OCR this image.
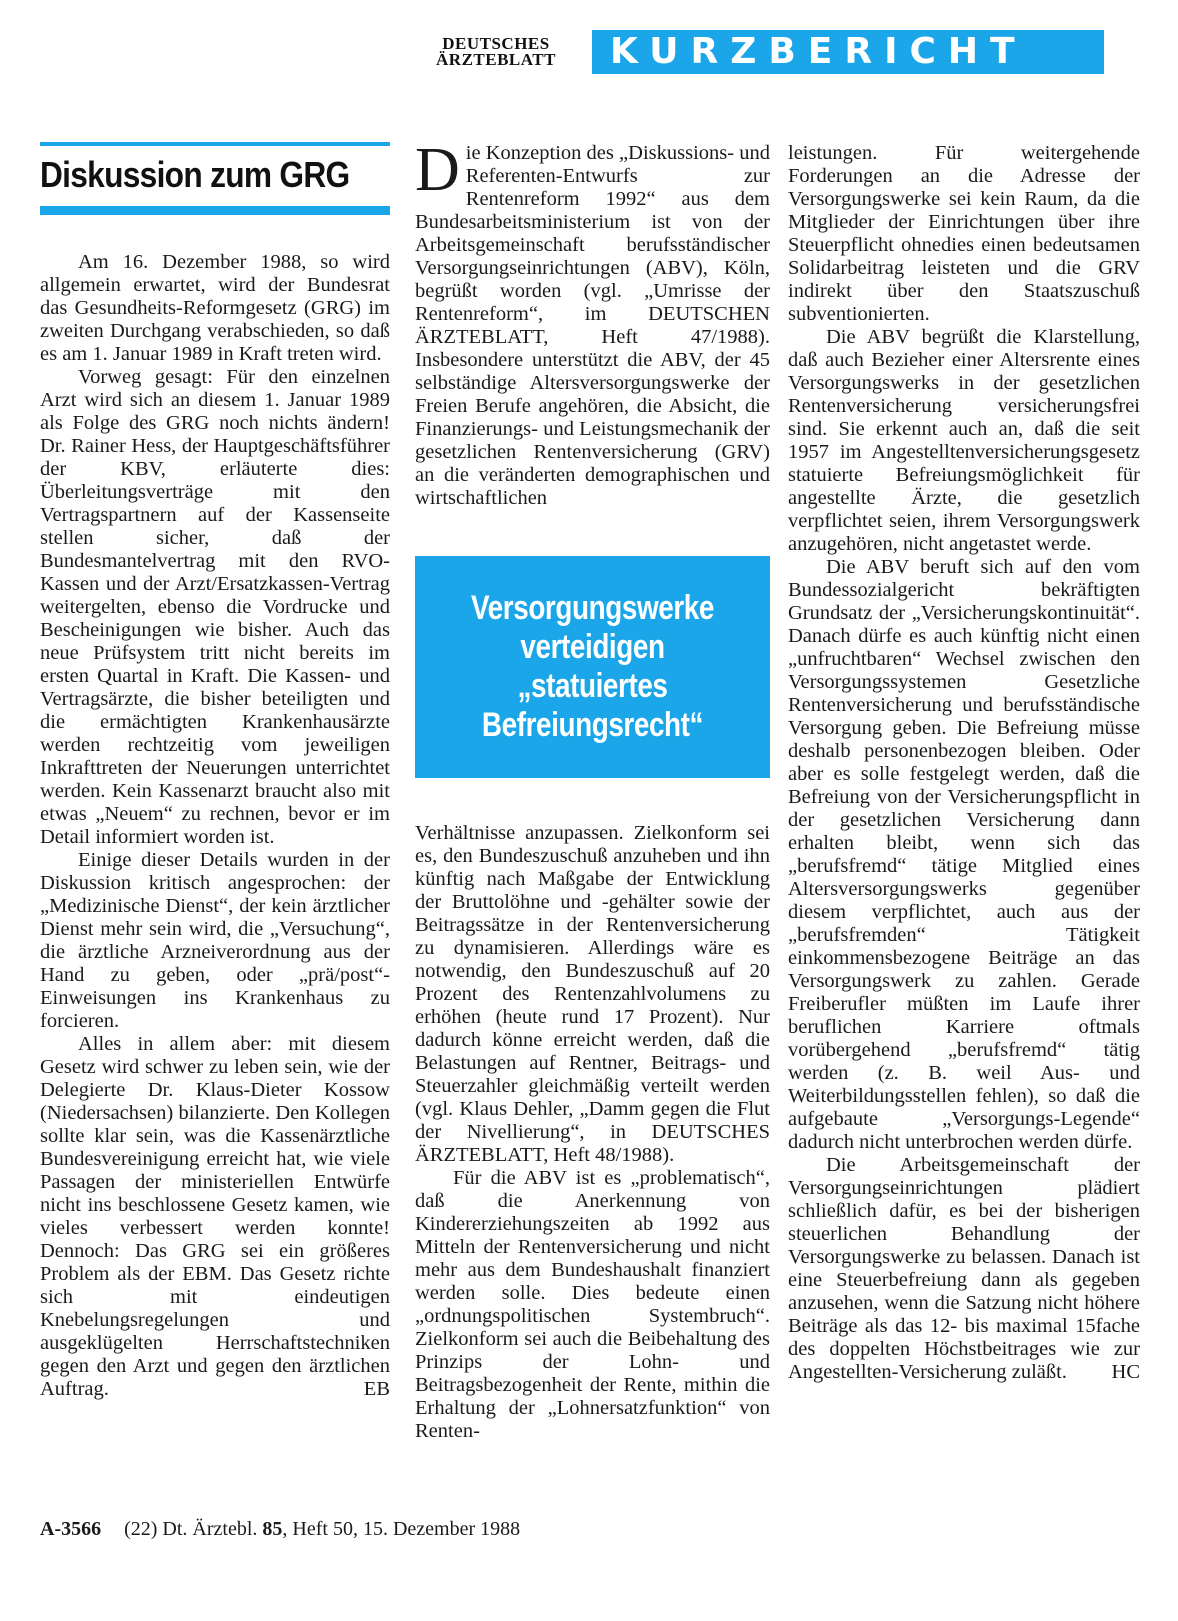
DEUTSCHES
ÄRZTEBLATT	KURZBERICHT
Diskussion zum GRG

Am 16. Dezember 1988, so wird allgemein erwartet, wird der Bundesrat das Gesundheits-Reformgesetz (GRG) im zweiten Durchgang verabschieden, so daß es am 1. Januar 1989 in Kraft treten wird.

Vorweg gesagt: Für den einzelnen Arzt wird sich an diesem 1. Januar 1989 als Folge des GRG noch nichts ändern! Dr. Rainer Hess, der Hauptgeschäftsführer der KBV, erläuterte dies: Überleitungsverträge mit den Vertragspartnern auf der Kassenseite stellen sicher, daß der Bundesmantelvertrag mit den RVO-Kassen und der Arzt/Ersatzkassen-Vertrag weitergelten, ebenso die Vordrucke und Bescheinigungen wie bisher. Auch das neue Prüfsystem tritt nicht bereits im ersten Quartal in Kraft. Die Kassen- und Vertragsärzte, die bisher beteiligten und die ermächtigten Krankenhausärzte werden rechtzeitig vom jeweiligen Inkrafttreten der Neuerungen unterrichtet werden. Kein Kassenarzt braucht also mit etwas „Neuem“ zu rechnen, bevor er im Detail informiert worden ist.

Einige dieser Details wurden in der Diskussion kritisch angesprochen: der „Medizinische Dienst“, der kein ärztlicher Dienst mehr sein wird, die „Versuchung“, die ärztliche Arzneiverordnung aus der Hand zu geben, oder „prä/post“-Einweisungen ins Krankenhaus zu forcieren.

Alles in allem aber: mit diesem Gesetz wird schwer zu leben sein, wie der Delegierte Dr. Klaus-Dieter Kossow (Niedersachsen) bilanzierte. Den Kollegen sollte klar sein, was die Kassenärztliche Bundesvereinigung erreicht hat, wie viele Passagen der ministeriellen Entwürfe nicht ins beschlossene Gesetz kamen, wie vieles verbessert werden konnte! Dennoch: Das GRG sei ein größeres Problem als der EBM. Das Gesetz richte sich mit eindeutigen Knebelungsregelungen und ausgeklügelten Herrschaftstechniken gegen den Arzt und gegen den ärztlichen Auftrag.	EB

Die Konzeption des „Diskussions- und Referenten-Entwurfs zur Rentenreform 1992“ aus dem Bundesarbeitsministerium ist von der Arbeitsgemeinschaft berufsständischer Versorgungseinrichtungen (ABV), Köln, begrüßt worden (vgl. „Umrisse der Rentenreform“, im DEUTSCHEN ÄRZTEBLATT, Heft 47/1988). Insbesondere unterstützt die ABV, der 45 selbständige Altersversorgungswerke der Freien Berufe angehören, die Absicht, die Finanzierungs- und Leistungsmechanik der gesetzlichen Rentenversicherung (GRV) an die veränderten demographischen und wirtschaftlichen

Versorgungswerke verteidigen „statuiertes Befreiungsrecht“

Verhältnisse anzupassen. Zielkonform sei es, den Bundeszuschuß anzuheben und ihn künftig nach Maßgabe der Entwicklung der Bruttolöhne und -gehälter sowie der Beitragssätze in der Rentenversicherung zu dynamisieren. Allerdings wäre es notwendig, den Bundeszuschuß auf 20 Prozent des Rentenzahlvolumens zu erhöhen (heute rund 17 Prozent). Nur dadurch könne erreicht werden, daß die Belastungen auf Rentner, Beitrags- und Steuerzahler gleichmäßig verteilt werden (vgl. Klaus Dehler, „Damm gegen die Flut der Nivellierung“, in DEUTSCHES ÄRZTEBLATT, Heft 48/1988).

Für die ABV ist es „problematisch“, daß die Anerkennung von Kindererziehungszeiten ab 1992 aus Mitteln der Rentenversicherung und nicht mehr aus dem Bundeshaushalt finanziert werden solle. Dies bedeute einen „ordnungspolitischen Systembruch“. Zielkonform sei auch die Beibehaltung des Prinzips der Lohn- und Beitragsbezogenheit der Rente, mithin die Erhaltung der „Lohnersatzfunktion“ von Renten-

leistungen. Für weitergehende Forderungen an die Adresse der Versorgungswerke sei kein Raum, da die Mitglieder der Einrichtungen über ihre Steuerpflicht ohnedies einen bedeutsamen Solidarbeitrag leisteten und die GRV indirekt über den Staatszuschuß subventionierten.

Die ABV begrüßt die Klarstellung, daß auch Bezieher einer Altersrente eines Versorgungswerks in der gesetzlichen Rentenversicherung versicherungsfrei sind. Sie erkennt auch an, daß die seit 1957 im Angestelltenversicherungsgesetz statuierte Befreiungsmöglichkeit für angestellte Ärzte, die gesetzlich verpflichtet seien, ihrem Versorgungswerk anzugehören, nicht angetastet werde.

Die ABV beruft sich auf den vom Bundessozialgericht bekräftigten Grundsatz der „Versicherungskontinuität“. Danach dürfe es auch künftig nicht einen „unfruchtbaren“ Wechsel zwischen den Versorgungssystemen Gesetzliche Rentenversicherung und berufsständische Versorgung geben. Die Befreiung müsse deshalb personenbezogen bleiben. Oder aber es solle festgelegt werden, daß die Befreiung von der Versicherungspflicht in der gesetzlichen Versicherung dann erhalten bleibt, wenn sich das „berufsfremd“ tätige Mitglied eines Altersversorgungswerks gegenüber diesem verpflichtet, auch aus der „berufsfremden“ Tätigkeit einkommensbezogene Beiträge an das Versorgungswerk zu zahlen. Gerade Freiberufler müßten im Laufe ihrer beruflichen Karriere oftmals vorübergehend „berufsfremd“ tätig werden (z. B. weil Aus- und Weiterbildungsstellen fehlen), so daß die aufgebaute „Versorgungs-Legende“ dadurch nicht unterbrochen werden dürfe.

Die Arbeitsgemeinschaft der Versorgungseinrichtungen plädiert schließlich dafür, es bei der bisherigen steuerlichen Behandlung der Versorgungswerke zu belassen. Danach ist eine Steuerbefreiung dann als gegeben anzusehen, wenn die Satzung nicht höhere Beiträge als das 12- bis maximal 15fache des doppelten Höchstbeitrages wie zur Angestellten-Versicherung zuläßt.	HC

A-3566 (22) Dt. Ärztebl. 85, Heft 50, 15. Dezember 1988
